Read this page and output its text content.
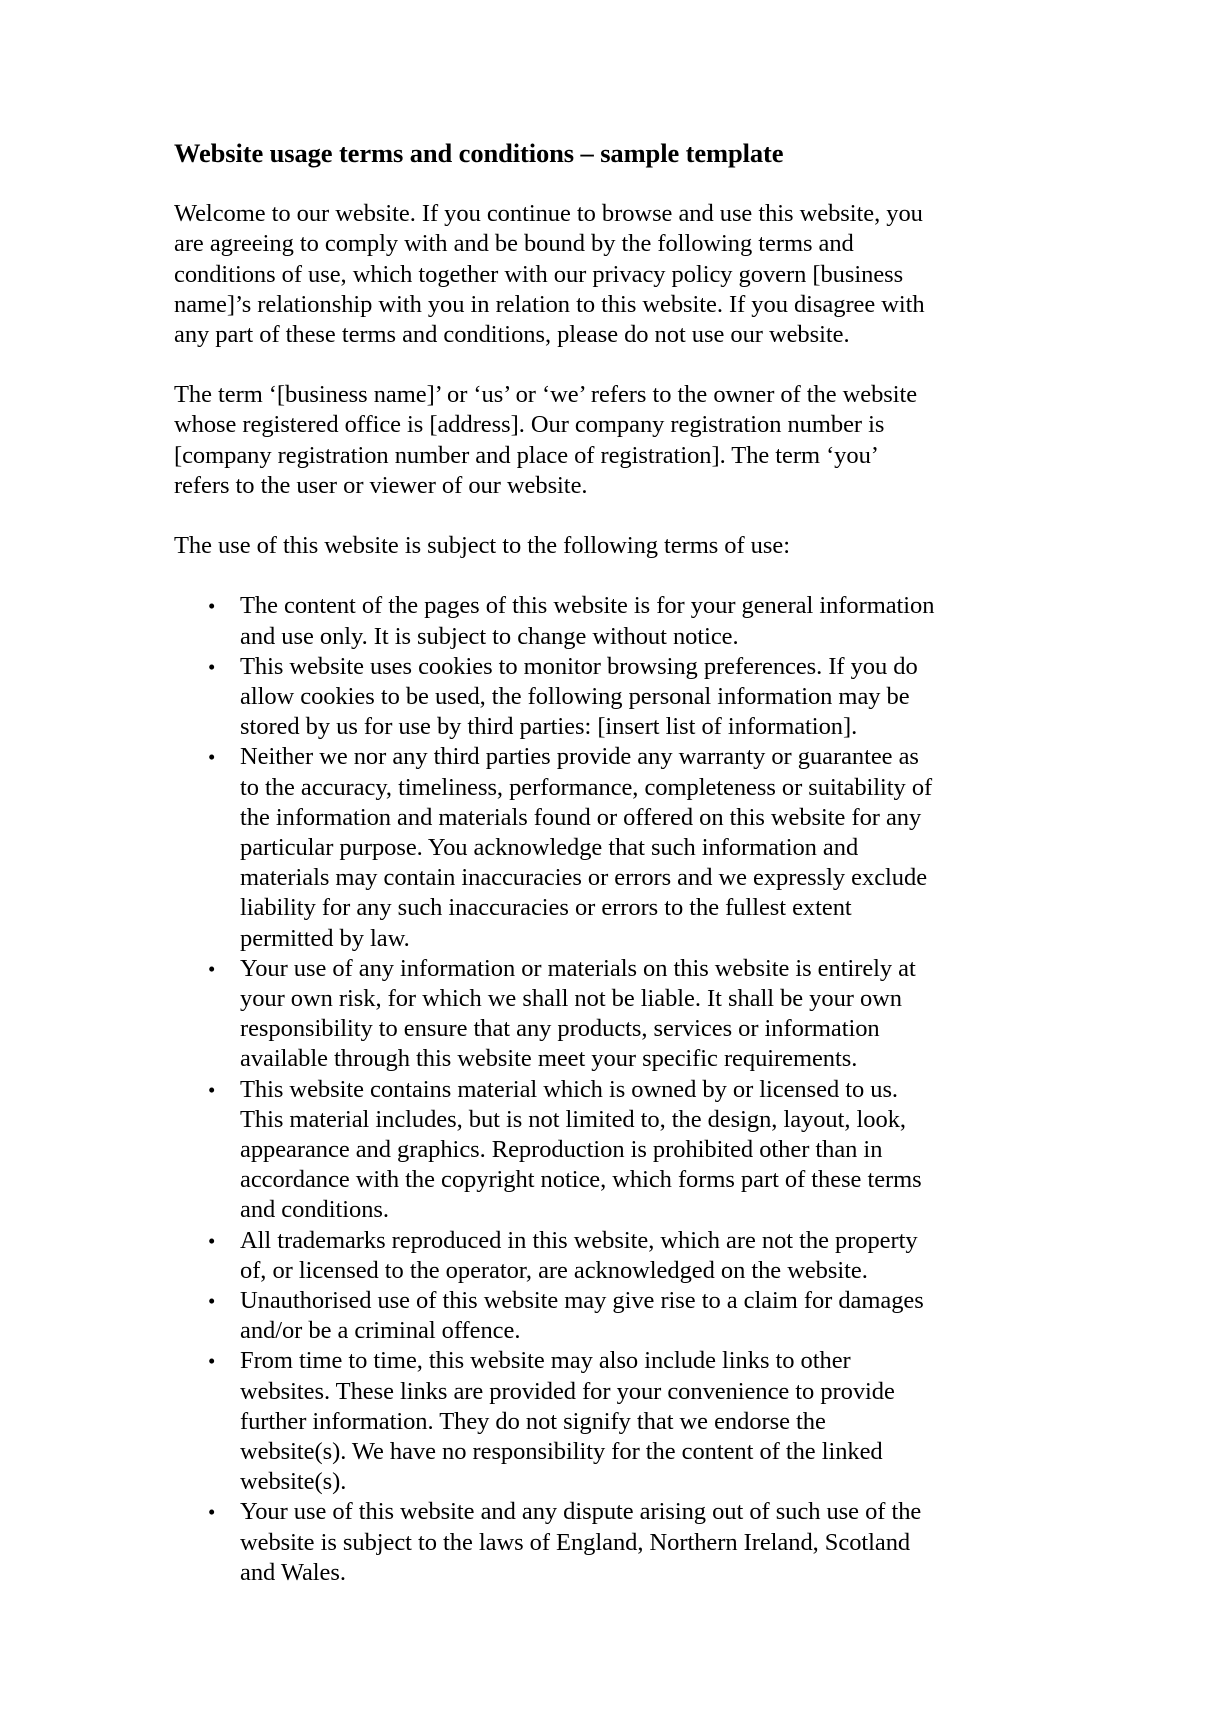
Website usage terms and conditions – sample template

Welcome to our website. If you continue to browse and use this website, you are agreeing to comply with and be bound by the following terms and conditions of use, which together with our privacy policy govern [business name]’s relationship with you in relation to this website. If you disagree with any part of these terms and conditions, please do not use our website.

The term ‘[business name]’ or ‘us’ or ‘we’ refers to the owner of the website whose registered office is [address]. Our company registration number is [company registration number and place of registration]. The term ‘you’ refers to the user or viewer of our website.

The use of this website is subject to the following terms of use:

• The content of the pages of this website is for your general information and use only. It is subject to change without notice.
• This website uses cookies to monitor browsing preferences. If you do allow cookies to be used, the following personal information may be stored by us for use by third parties: [insert list of information].
• Neither we nor any third parties provide any warranty or guarantee as to the accuracy, timeliness, performance, completeness or suitability of the information and materials found or offered on this website for any particular purpose. You acknowledge that such information and materials may contain inaccuracies or errors and we expressly exclude liability for any such inaccuracies or errors to the fullest extent permitted by law.
• Your use of any information or materials on this website is entirely at your own risk, for which we shall not be liable. It shall be your own responsibility to ensure that any products, services or information available through this website meet your specific requirements.
• This website contains material which is owned by or licensed to us. This material includes, but is not limited to, the design, layout, look, appearance and graphics. Reproduction is prohibited other than in accordance with the copyright notice, which forms part of these terms and conditions.
• All trademarks reproduced in this website, which are not the property of, or licensed to the operator, are acknowledged on the website.
• Unauthorised use of this website may give rise to a claim for damages and/or be a criminal offence.
• From time to time, this website may also include links to other websites. These links are provided for your convenience to provide further information. They do not signify that we endorse the website(s). We have no responsibility for the content of the linked website(s).
• Your use of this website and any dispute arising out of such use of the website is subject to the laws of England, Northern Ireland, Scotland and Wales.
